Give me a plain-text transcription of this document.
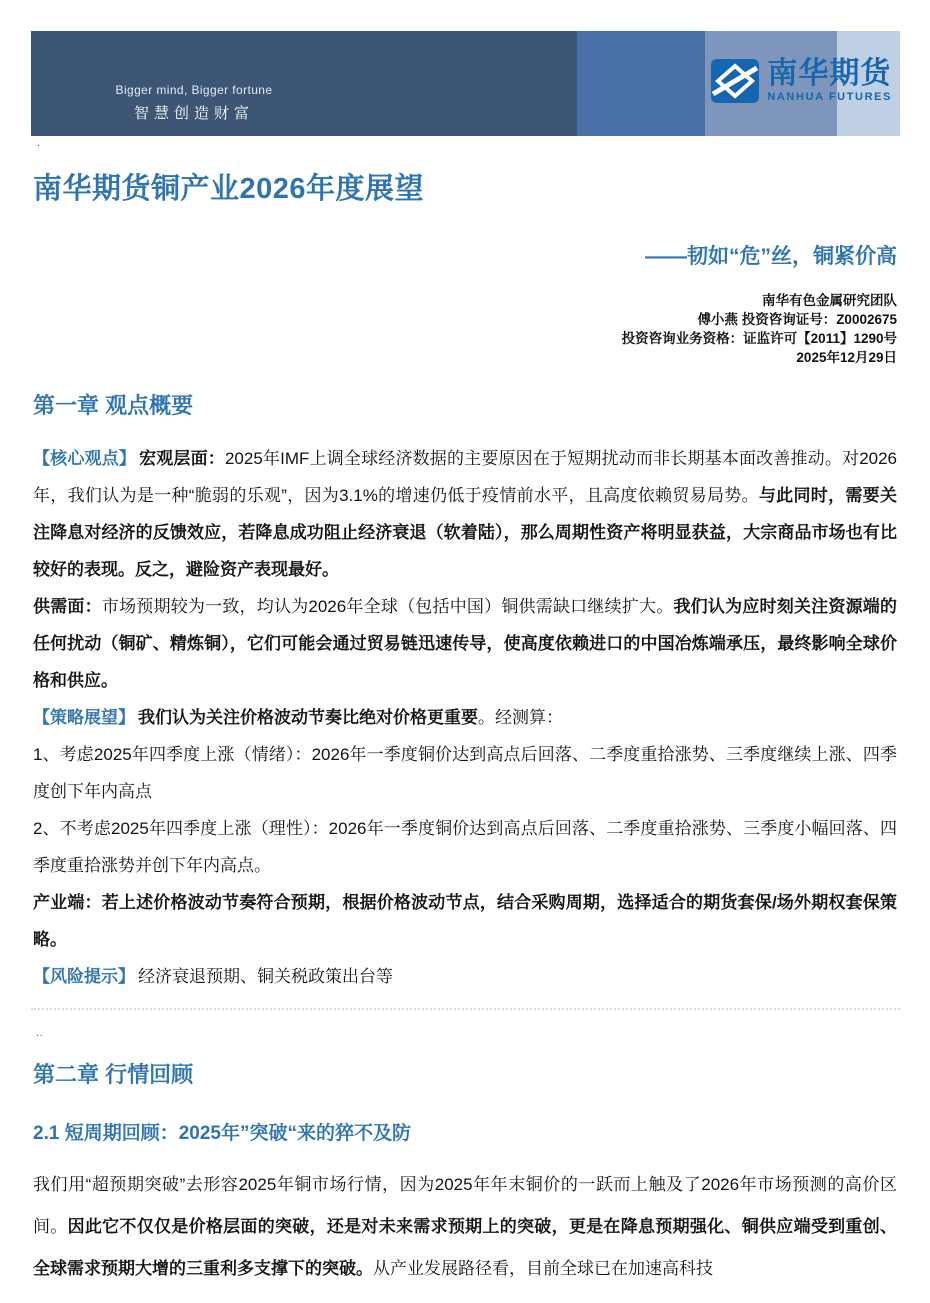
Bigger mind, Bigger fortune
智慧创造财富
南华期货
NANHUA FUTURES
.
南华期货铜产业2026年度展望
——韧如“危”丝，铜紧价高
南华有色金属研究团队
傅小燕 投资咨询证号：Z0002675
投资咨询业务资格：证监许可【2011】1290号
2025年12月29日
第一章 观点概要

【核心观点】 宏观层面：2025年IMF上调全球经济数据的主要原因在于短期扰动而非长期基本面改善推动。对2026年，我们认为是一种“脆弱的乐观”，因为3.1%的增速仍低于疫情前水平，且高度依赖贸易局势。与此同时，需要关注降息对经济的反馈效应，若降息成功阻止经济衰退（软着陆），那么周期性资产将明显获益，大宗商品市场也有比较好的表现。反之，避险资产表现最好。

供需面：市场预期较为一致，均认为2026年全球（包括中国）铜供需缺口继续扩大。我们认为应时刻关注资源端的任何扰动（铜矿、精炼铜），它们可能会通过贸易链迅速传导，使高度依赖进口的中国冶炼端承压，最终影响全球价格和供应。

【策略展望】 我们认为关注价格波动节奏比绝对价格更重要。经测算：

1、考虑2025年四季度上涨（情绪）：2026年一季度铜价达到高点后回落、二季度重拾涨势、三季度继续上涨、四季度创下年内高点

2、不考虑2025年四季度上涨（理性）：2026年一季度铜价达到高点后回落、二季度重拾涨势、三季度小幅回落、四季度重拾涨势并创下年内高点。

产业端：若上述价格波动节奏符合预期，根据价格波动节点，结合采购周期，选择适合的期货套保/场外期权套保策略。

【风险提示】 经济衰退预期、铜关税政策出台等

..
第二章 行情回顾
2.1 短周期回顾：2025年”突破“来的猝不及防

我们用“超预期突破”去形容2025年铜市场行情，因为2025年年末铜价的一跃而上触及了2026年市场预测的高价区间。因此它不仅仅是价格层面的突破，还是对未来需求预期上的突破，更是在降息预期强化、铜供应端受到重创、全球需求预期大增的三重利多支撑下的突破。从产业发展路径看，目前全球已在加速高科技
